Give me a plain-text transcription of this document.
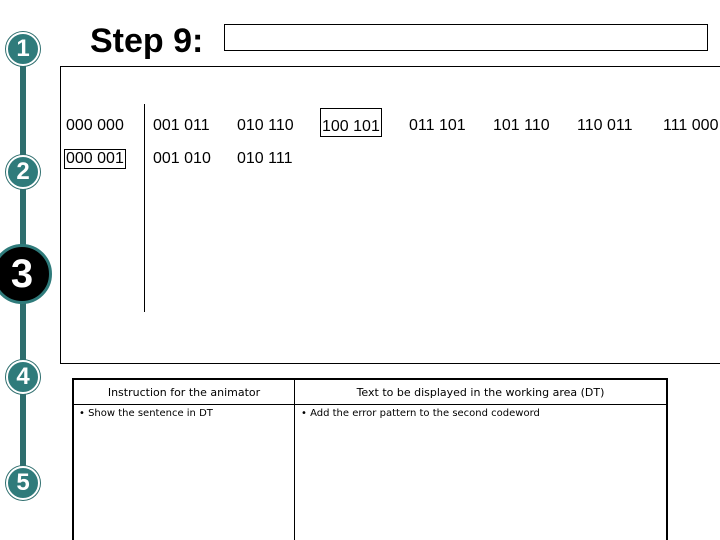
1
2
3
4
5
Step 9:
000 000 001 011 010 110 100 101 011 101 101 110 110 011 111 000
000 001 001 010 010 111
Instruction for the animator	Text to be displayed in the working area (DT)
• Show the sentence in DT	• Add the error pattern to the second codeword
